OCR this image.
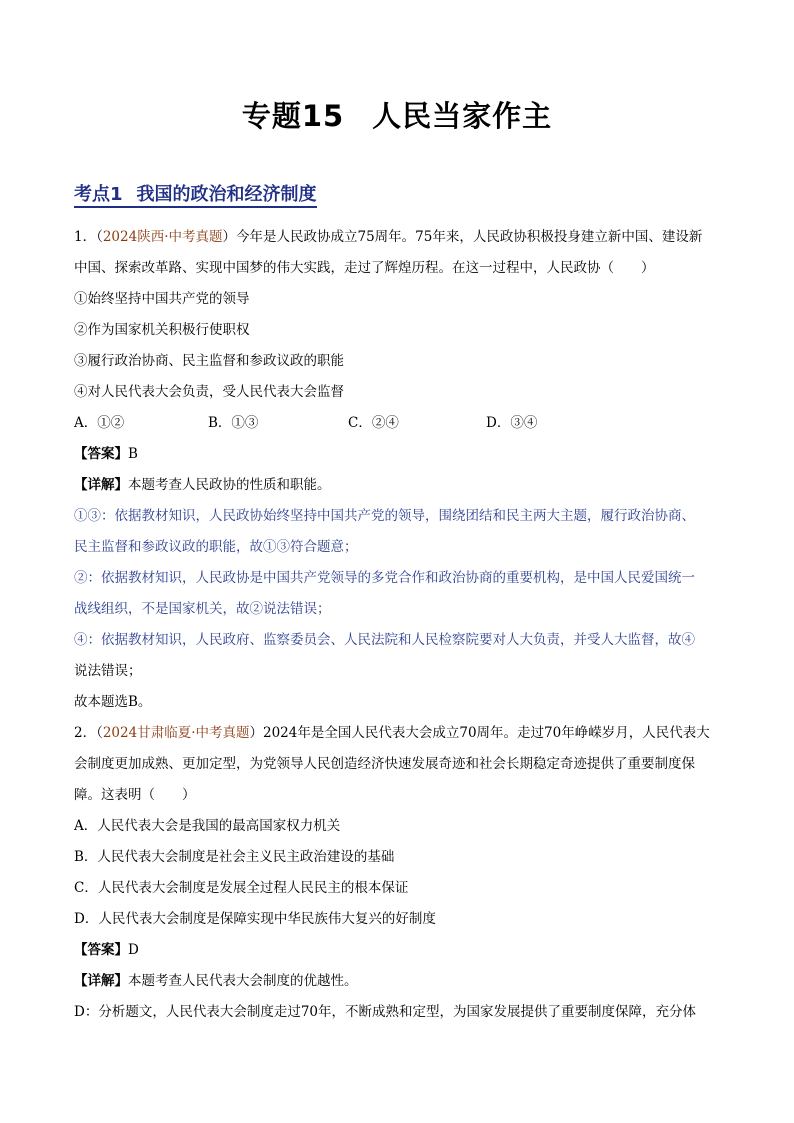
专题15 人民当家作主
考点1 我国的政治和经济制度
1．（2024陕西·中考真题）今年是人民政协成立75周年。75年来，人民政协积极投身建立新中国、建设新
中国、探索改革路、实现中国梦的伟大实践，走过了辉煌历程。在这一过程中，人民政协（　　）
①始终坚持中国共产党的领导
②作为国家机关积极行使职权
③履行政治协商、民主监督和参政议政的职能
④对人民代表大会负责，受人民代表大会监督
A．①②	B．①③	C．②④	D．③④
【答案】B
【详解】本题考查人民政协的性质和职能。
①③：依据教材知识，人民政协始终坚持中国共产党的领导，围绕团结和民主两大主题，履行政治协商、
民主监督和参政议政的职能，故①③符合题意；
②：依据教材知识，人民政协是中国共产党领导的多党合作和政治协商的重要机构，是中国人民爱国统一
战线组织，不是国家机关，故②说法错误；
④：依据教材知识，人民政府、监察委员会、人民法院和人民检察院要对人大负责，并受人大监督，故④
说法错误；
故本题选B。
2．（2024甘肃临夏·中考真题）2024年是全国人民代表大会成立70周年。走过70年峥嵘岁月，人民代表大
会制度更加成熟、更加定型，为党领导人民创造经济快速发展奇迹和社会长期稳定奇迹提供了重要制度保
障。这表明（　　）
A．人民代表大会是我国的最高国家权力机关
B．人民代表大会制度是社会主义民主政治建设的基础
C．人民代表大会制度是发展全过程人民民主的根本保证
D．人民代表大会制度是保障实现中华民族伟大复兴的好制度
【答案】D
【详解】本题考查人民代表大会制度的优越性。
D：分析题文，人民代表大会制度走过70年，不断成熟和定型，为国家发展提供了重要制度保障，充分体
